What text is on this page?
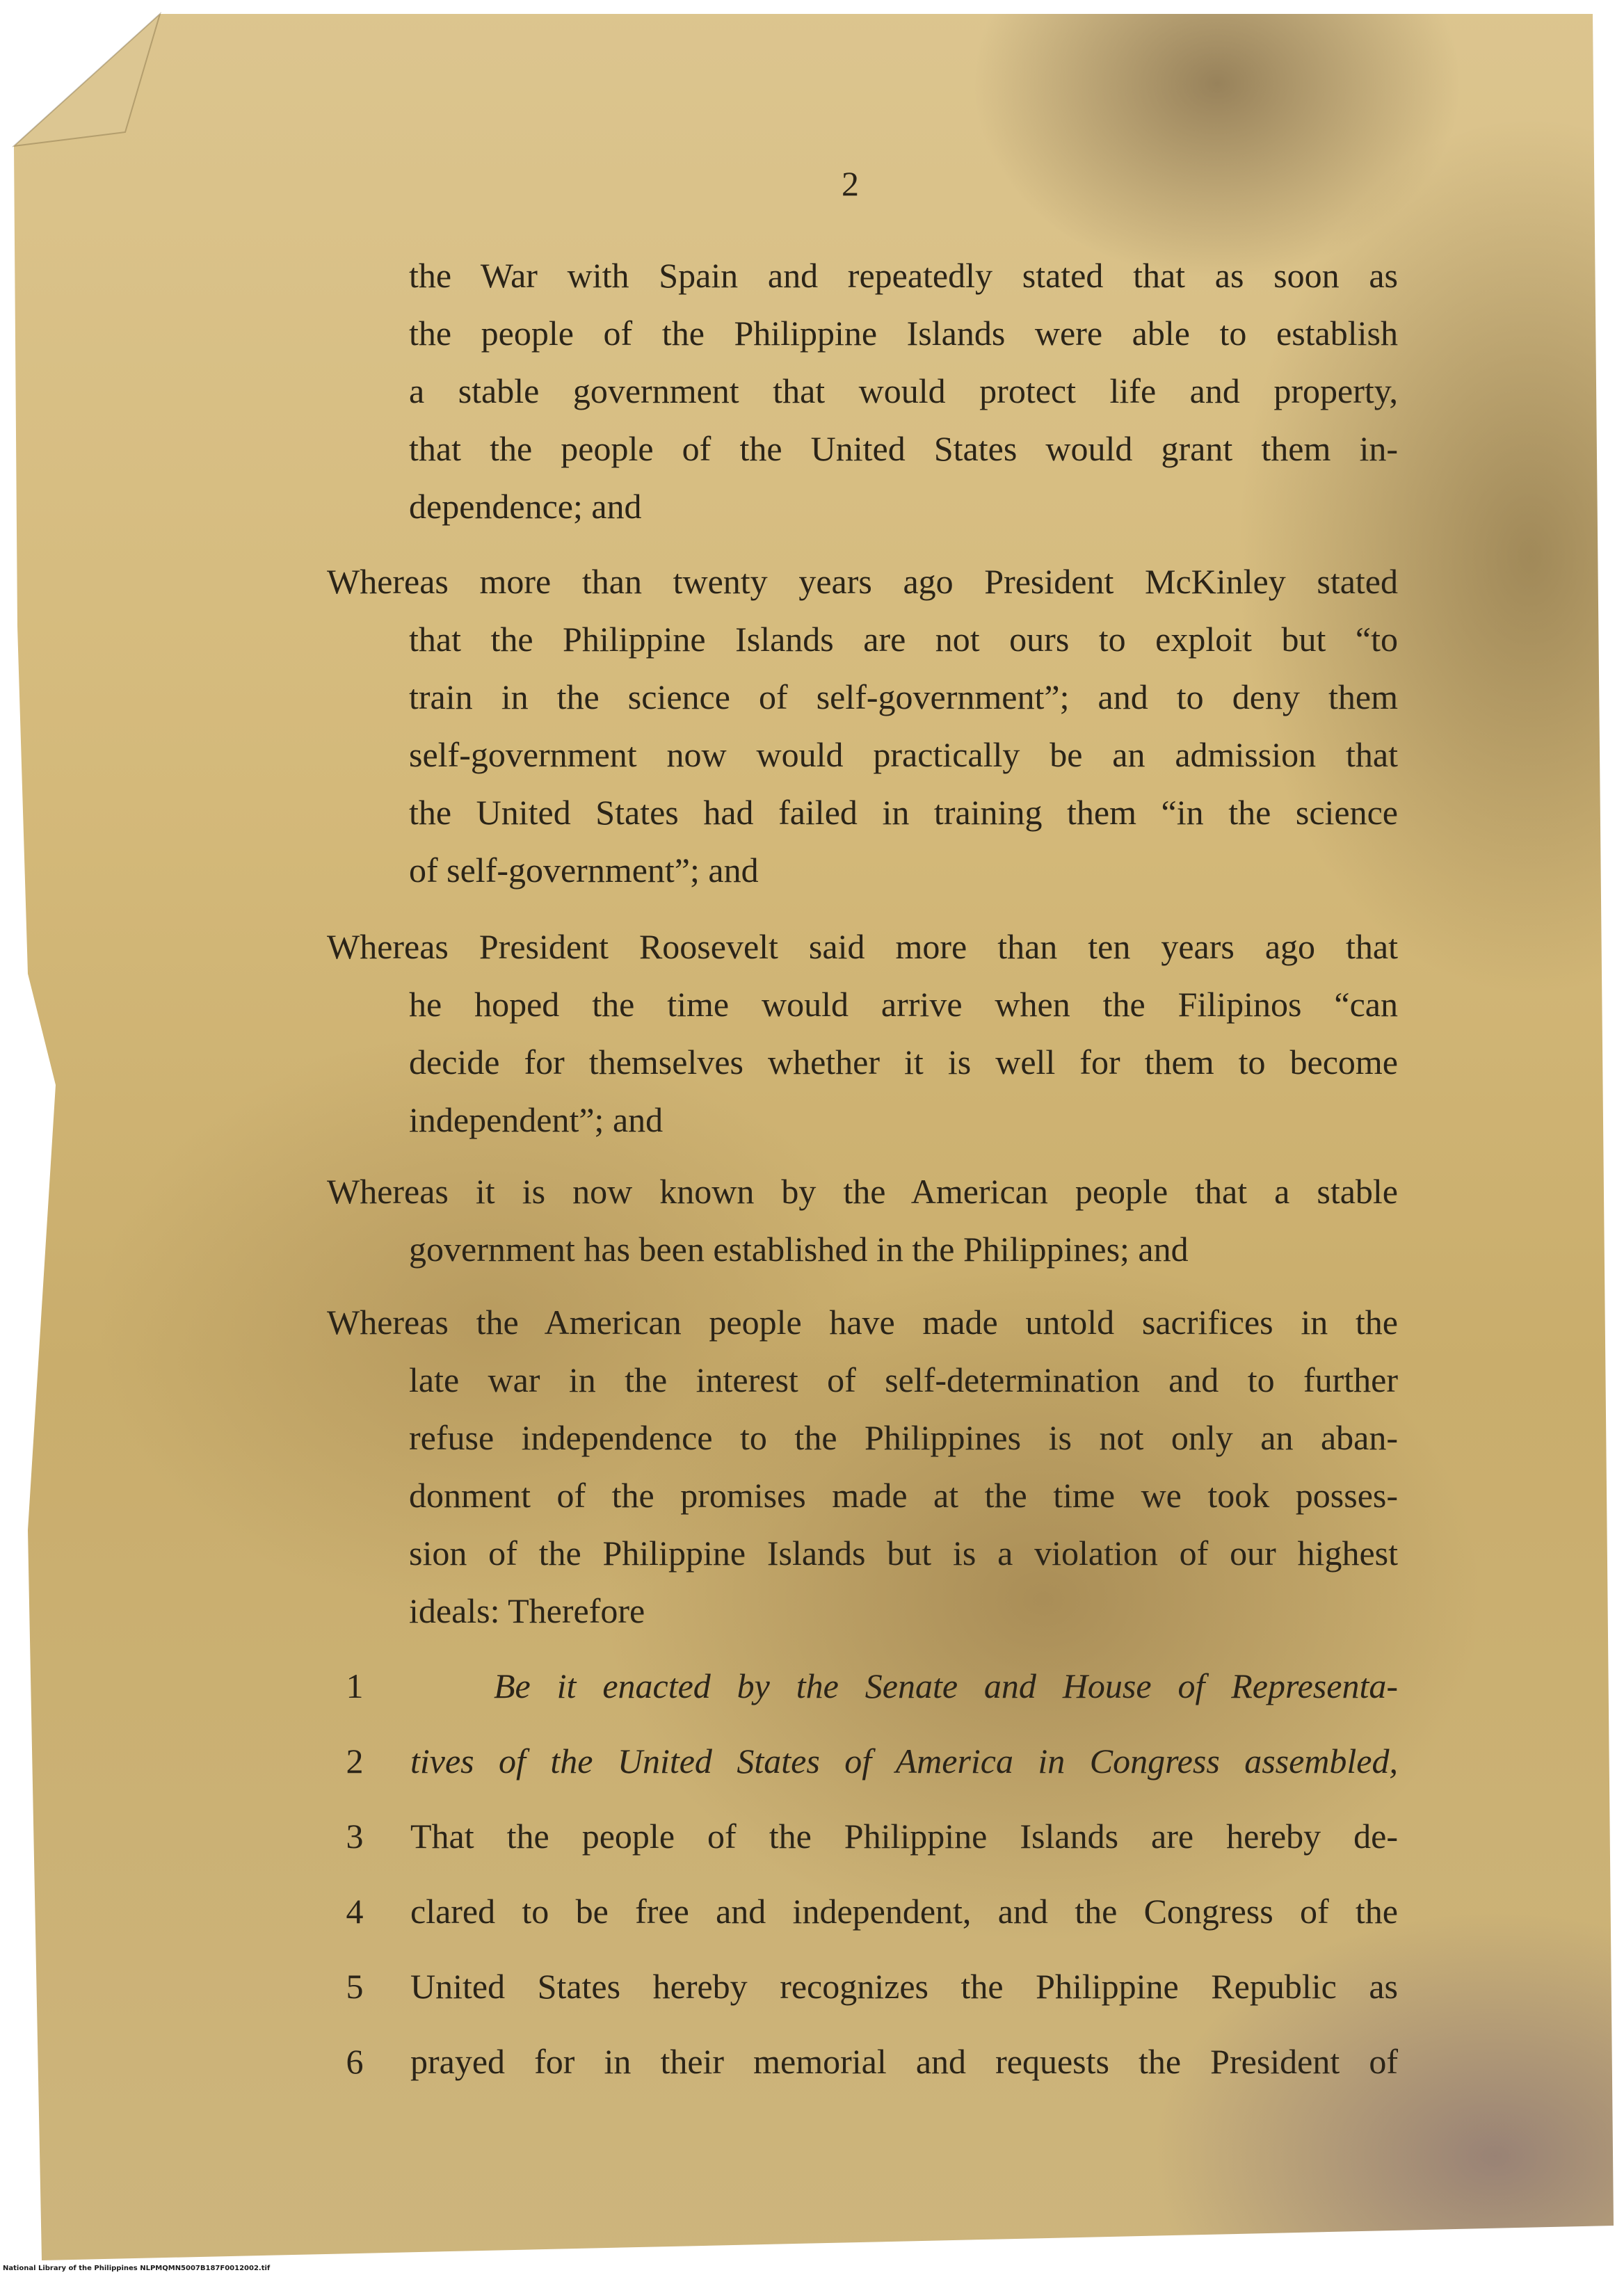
2
the War with Spain and repeatedly stated that as soon as
the people of the Philippine Islands were able to establish
a stable government that would protect life and property,
that the people of the United States would grant them in-
dependence; and
Whereas more than twenty years ago President McKinley stated
that the Philippine Islands are not ours to exploit but “to
train in the science of self-government”; and to deny them
self-government now would practically be an admission that
the United States had failed in training them “in the science
of self-government”; and
Whereas President Roosevelt said more than ten years ago that
he hoped the time would arrive when the Filipinos “can
decide for themselves whether it is well for them to become
independent”; and
Whereas it is now known by the American people that a stable
government has been established in the Philippines; and
Whereas the American people have made untold sacrifices in the
late war in the interest of self-determination and to further
refuse independence to the Philippines is not only an aban-
donment of the promises made at the time we took posses-
sion of the Philippine Islands but is a violation of our highest
ideals: Therefore
1	Be it enacted by the Senate and House of Representa-
2 tives of the United States of America in Congress assembled,
3 That the people of the Philippine Islands are hereby de-
4 clared to be free and independent, and the Congress of the
5 United States hereby recognizes the Philippine Republic as
6 prayed for in their memorial and requests the President of
National Library of the Philippines NLPMQMN5007B187F0012002.tif
